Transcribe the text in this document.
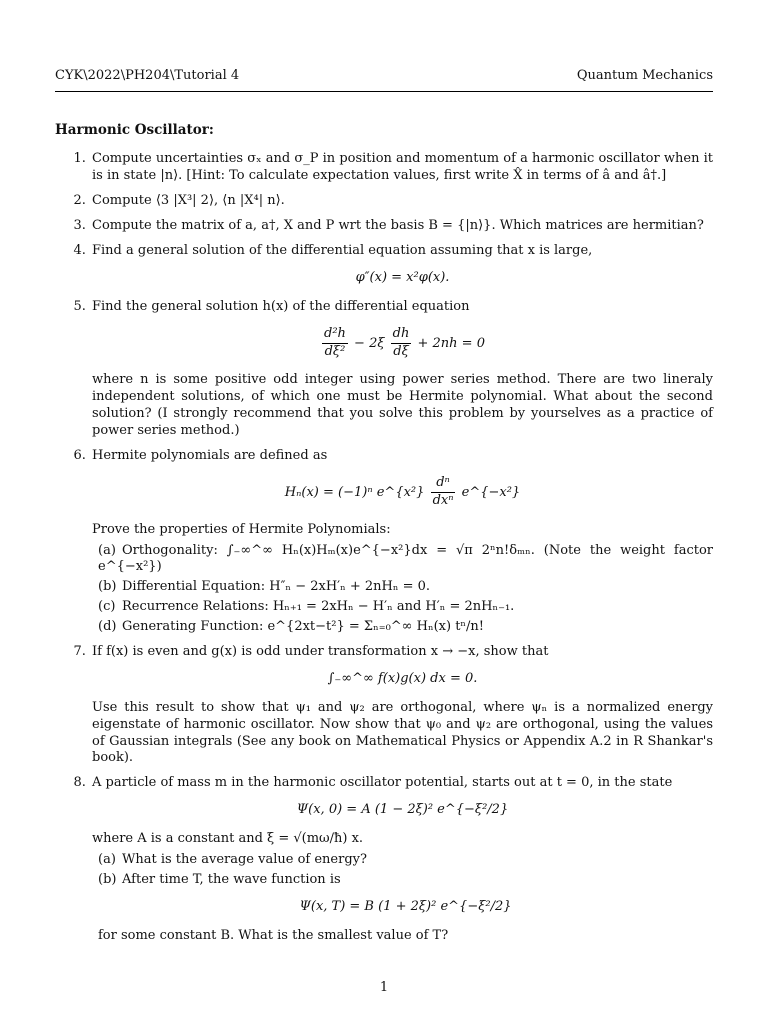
CYK\2022\PH204\Tutorial 4	Quantum Mechanics
Harmonic Oscillator:
1. Compute uncertainties σₓ and σ_P in position and momentum of a harmonic oscillator when it is in state |n⟩. [Hint: To calculate expectation values, first write X̂ in terms of â and â†.]
2. Compute ⟨3 |X³| 2⟩, ⟨n |X⁴| n⟩.
3. Compute the matrix of a, a†, X and P wrt the basis B = {|n⟩}. Which matrices are hermitian?
4. Find a general solution of the differential equation assuming that x is large,
φ″(x) = x²φ(x).
5. Find the general solution h(x) of the differential equation
$\frac{\text{d²h}}{\text{dξ²}} - 2\xi \frac{dh}{d\xi} + 2nh = 0$
where n is some positive odd integer using power series method. There are two lineraly independent solutions, of which one must be Hermite polynomial. What about the second solution? (I strongly recommend that you solve this problem by yourselves as a practice of power series method.)
6. Hermite polynomials are defined as
Hₙ(x) = (−1)ⁿ e^{x²} $\frac{\text{dⁿ}}{\text{dxⁿ}}$ e^{−x²}
Prove the properties of Hermite Polynomials:
(a) Orthogonality: ∫₋∞^∞ Hₙ(x)Hₘ(x)e^{−x²}dx = √π 2ⁿn!δₘₙ. (Note the weight factor e^{−x²})
(b) Differential Equation: H″ₙ − 2xH′ₙ + 2nHₙ = 0.
(c) Recurrence Relations: Hₙ₊₁ = 2xHₙ − H′ₙ and H′ₙ = 2nHₙ₋₁.
(d) Generating Function: e^{2xt−t²} = Σₙ₌₀^∞ Hₙ(x) tⁿ/n!
7. If f(x) is even and g(x) is odd under transformation x → −x, show that
∫₋∞^∞ f(x)g(x) dx = 0.
Use this result to show that ψ₁ and ψ₂ are orthogonal, where ψₙ is a normalized energy eigenstate of harmonic oscillator. Now show that ψ₀ and ψ₂ are orthogonal, using the values of Gaussian integrals (See any book on Mathematical Physics or Appendix A.2 in R Shankar's book).
8. A particle of mass m in the harmonic oscillator potential, starts out at t = 0, in the state
Ψ(x, 0) = A (1 − 2ξ)² e^{−ξ²/2}
where A is a constant and ξ = √(mω/ħ) x.
(a) What is the average value of energy?
(b) After time T, the wave function is
Ψ(x, T) = B (1 + 2ξ)² e^{−ξ²/2}
for some constant B. What is the smallest value of T?
1
